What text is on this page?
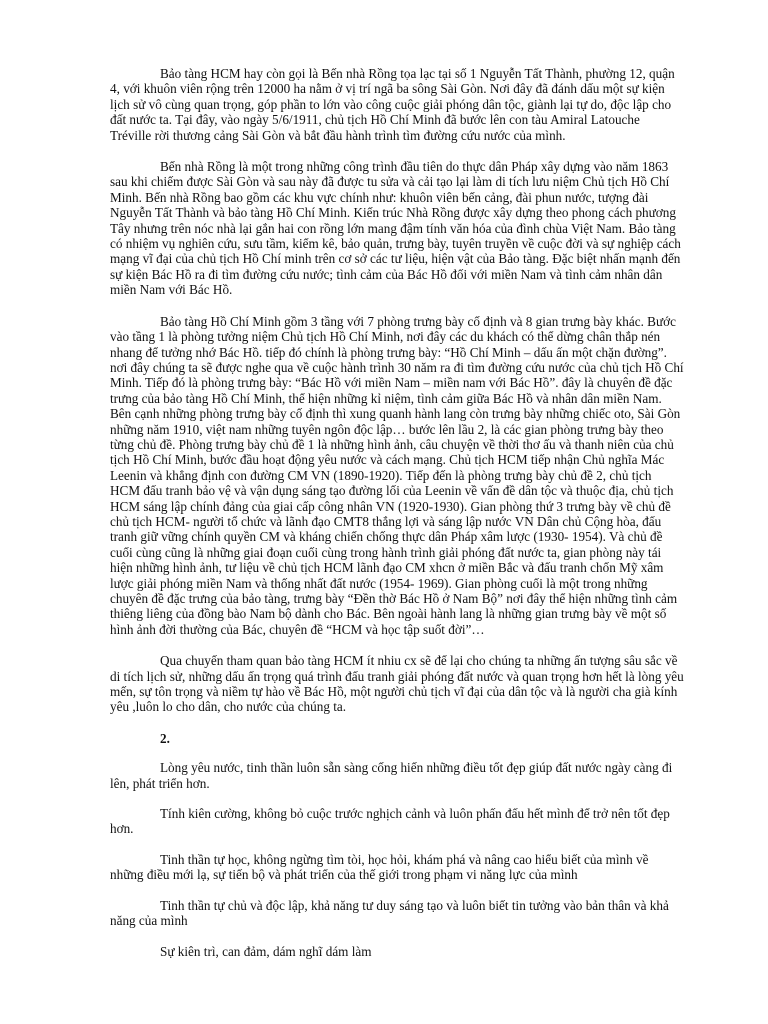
Bảo tàng HCM hay còn gọi là Bến nhà Rồng tọa lạc tại số 1 Nguyễn Tất Thành, phường 12, quận 4, với khuôn viên rộng trên 12000 ha nằm ở vị trí ngã ba sông Sài Gòn. Nơi đây đã đánh dấu một sự kiện lịch sử vô cùng quan trọng, góp phần to lớn vào công cuộc giải phóng dân tộc, giành lại tự do, độc lập cho đất nước ta. Tại đây, vào ngày 5/6/1911, chủ tịch Hồ Chí Minh đã bước lên con tàu Amiral Latouche Tréville rời thương cảng Sài Gòn và bắt đầu hành trình tìm đường cứu nước của mình.

Bến nhà Rồng là một trong những công trình đầu tiên do thực dân Pháp xây dựng vào năm 1863 sau khi chiếm được Sài Gòn và sau này đã được tu sửa và cải tạo lại làm di tích lưu niệm Chủ tịch Hồ Chí Minh. Bến nhà Rồng bao gồm các khu vực chính như: khuôn viên bến cảng, đài phun nước, tượng đài Nguyễn Tất Thành và bảo tàng Hồ Chí Minh. Kiến trúc Nhà Rồng được xây dựng theo phong cách phương Tây nhưng trên nóc nhà lại gắn hai con rồng lớn mang đậm tính văn hóa của đình chùa Việt Nam. Bảo tàng có nhiệm vụ nghiên cứu, sưu tầm, kiểm kê, bảo quản, trưng bày, tuyên truyền về cuộc đời và sự nghiệp cách mạng vĩ đại của chủ tịch Hồ Chí minh trên cơ sở các tư liệu, hiện vật của Bảo tàng. Đặc biệt nhấn mạnh đến sự kiện Bác Hồ ra đi tìm đường cứu nước; tình cảm của Bác Hồ đối với miền Nam và tình cảm nhân dân miền Nam với Bác Hồ.

Bảo tàng Hồ Chí Minh gồm 3 tầng với 7 phòng trưng bày cố định và 8 gian trưng bày khác. Bước vào tầng 1 là phòng tưởng niệm Chủ tịch Hồ Chí Minh, nơi đây các du khách có thể dừng chân thắp nén nhang để tưởng nhớ Bác Hồ. tiếp đó chính là phòng trưng bày: “Hồ Chí Minh – dấu ấn một chặn đường”. nơi đây chúng ta sẽ được nghe qua về cuộc hành trình 30 năm ra đi tìm đường cứu nước của chủ tịch Hồ Chí Minh. Tiếp đó là phòng trưng bày: “Bác Hồ với miền Nam – miền nam với Bác Hồ”. đây là chuyên đề đặc trưng của bảo tàng Hồ Chí Minh, thể hiện những kỉ niệm, tình cảm giữa Bác Hồ và nhân dân miền Nam. Bên cạnh những phòng trưng bày cố định thì xung quanh hành lang còn trưng bày những chiếc oto, Sài Gòn những năm 1910, việt nam những tuyên ngôn độc lập… bước lên lầu 2, là các gian phòng trưng bày theo từng chủ đề. Phòng trưng bày chủ đề 1 là những hình ảnh, câu chuyện về thời thơ ấu và thanh niên của chủ tịch Hồ Chí Minh, bước đầu hoạt động yêu nước và cách mạng. Chủ tịch HCM tiếp nhận Chủ nghĩa Mác Leenin và khẳng định con đường CM VN (1890-1920). Tiếp đến là phòng trưng bày chủ đề 2, chủ tịch HCM đấu tranh bảo vệ và vận dụng sáng tạo đường lối của Leenin về vấn đề dân tộc và thuộc địa, chủ tịch HCM sáng lập chính đảng của giai cấp công nhân VN (1920-1930). Gian phòng thứ 3 trưng bày về chủ đề chủ tịch HCM- người tổ chức và lãnh đạo CMT8 thắng lợi và sáng lập nước VN Dân chủ Cộng hòa, đấu tranh giữ vững chính quyền CM và kháng chiến chống thực dân Pháp xâm lược (1930- 1954). Và chủ đề cuối cùng cũng là những giai đoạn cuối cùng trong hành trình giải phóng đất nước ta, gian phòng này tái hiện những hình ảnh, tư liệu về chủ tịch HCM lãnh đạo CM xhcn ở miền Bắc và đấu tranh chốn Mỹ xâm lược giải phóng miền Nam và thống nhất đất nước (1954- 1969). Gian phòng cuối là một trong những chuyên đề đặc trưng của bảo tàng, trưng bày “Đền thờ Bác Hồ ở Nam Bộ” nơi đây thể hiện những tình cảm thiêng liêng của đồng bào Nam bộ dành cho Bác. Bên ngoài hành lang là những gian trưng bày về một số hình ảnh đời thường của Bác, chuyên đề “HCM và học tập suốt đời”…

Qua chuyến tham quan bảo tàng HCM ít nhiu cx sẽ để lại cho chúng ta những ấn tượng sâu sắc về di tích lịch sử, những dấu ấn trọng quá trình đấu tranh giải phóng đất nước và quan trọng hơn hết là lòng yêu mến, sự tôn trọng và niềm tự hào về Bác Hồ, một người chủ tịch vĩ đại của dân tộc và là người cha già kính yêu ,luôn lo cho dân, cho nước của chúng ta.

2.

Lòng yêu nước, tinh thần luôn sẵn sàng cống hiến những điều tốt đẹp giúp đất nước ngày càng đi lên, phát triển hơn.

Tính kiên cường, không bỏ cuộc trước nghịch cảnh và luôn phấn đấu hết mình để trở nên tốt đẹp hơn.

Tinh thần tự học, không ngừng tìm tòi, học hỏi, khám phá và nâng cao hiểu biết của mình về những điều mới lạ, sự tiến bộ và phát triển của thế giới trong phạm vi năng lực của mình

Tinh thần tự chủ và độc lập, khả năng tư duy sáng tạo và luôn biết tin tưởng vào bản thân và khả năng của mình

Sự kiên trì, can đảm, dám nghĩ dám làm
